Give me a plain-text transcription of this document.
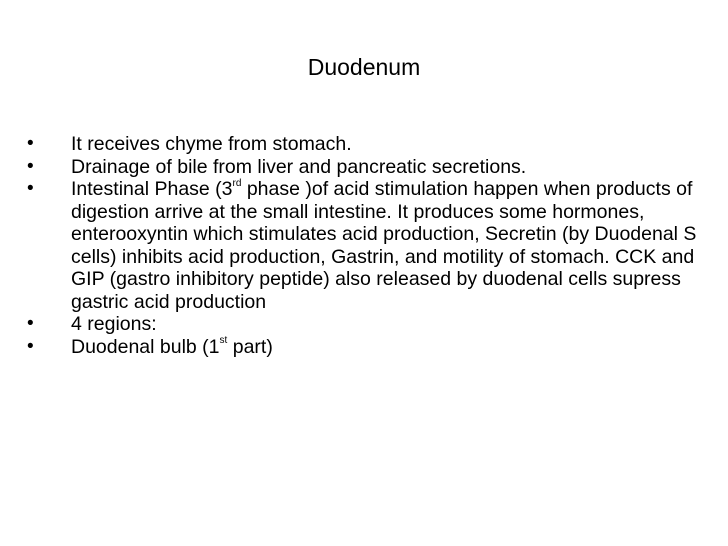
Duodenum
• It receives chyme from stomach.
• Drainage of bile from liver and pancreatic secretions.
• Intestinal Phase (3rd phase )of acid stimulation happen when products of digestion arrive at the small intestine. It produces some hormones, enterooxyntin which stimulates acid production, Secretin (by Duodenal S cells) inhibits acid production, Gastrin, and motility of stomach. CCK and GIP (gastro inhibitory peptide) also released by duodenal cells supress gastric acid production
• 4 regions:
• Duodenal bulb (1st part)
